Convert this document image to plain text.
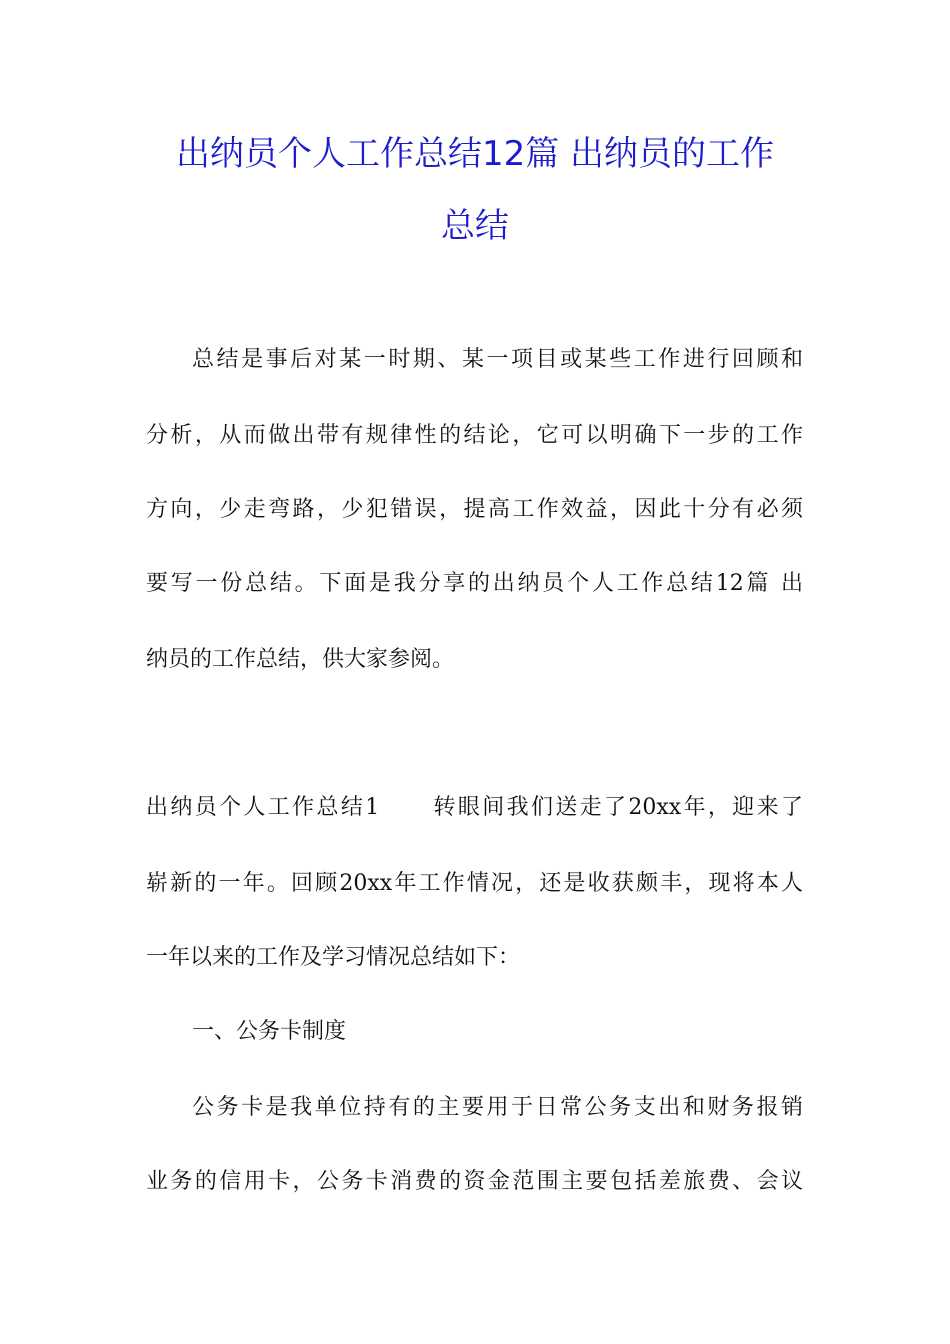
出纳员个人工作总结12篇 出纳员的工作
总结
总结是事后对某一时期、某一项目或某些工作进行回顾和
分析，从而做出带有规律性的结论，它可以明确下一步的工作
方向，少走弯路，少犯错误，提高工作效益，因此十分有必须
要写一份总结。下面是我分享的出纳员个人工作总结12篇 出
纳员的工作总结，供大家参阅。
出纳员个人工作总结1 转眼间我们送走了20xx年，迎来了
崭新的一年。回顾20xx年工作情况，还是收获颇丰，现将本人
一年以来的工作及学习情况总结如下：
一、公务卡制度
公务卡是我单位持有的主要用于日常公务支出和财务报销
业务的信用卡，公务卡消费的资金范围主要包括差旅费、会议
